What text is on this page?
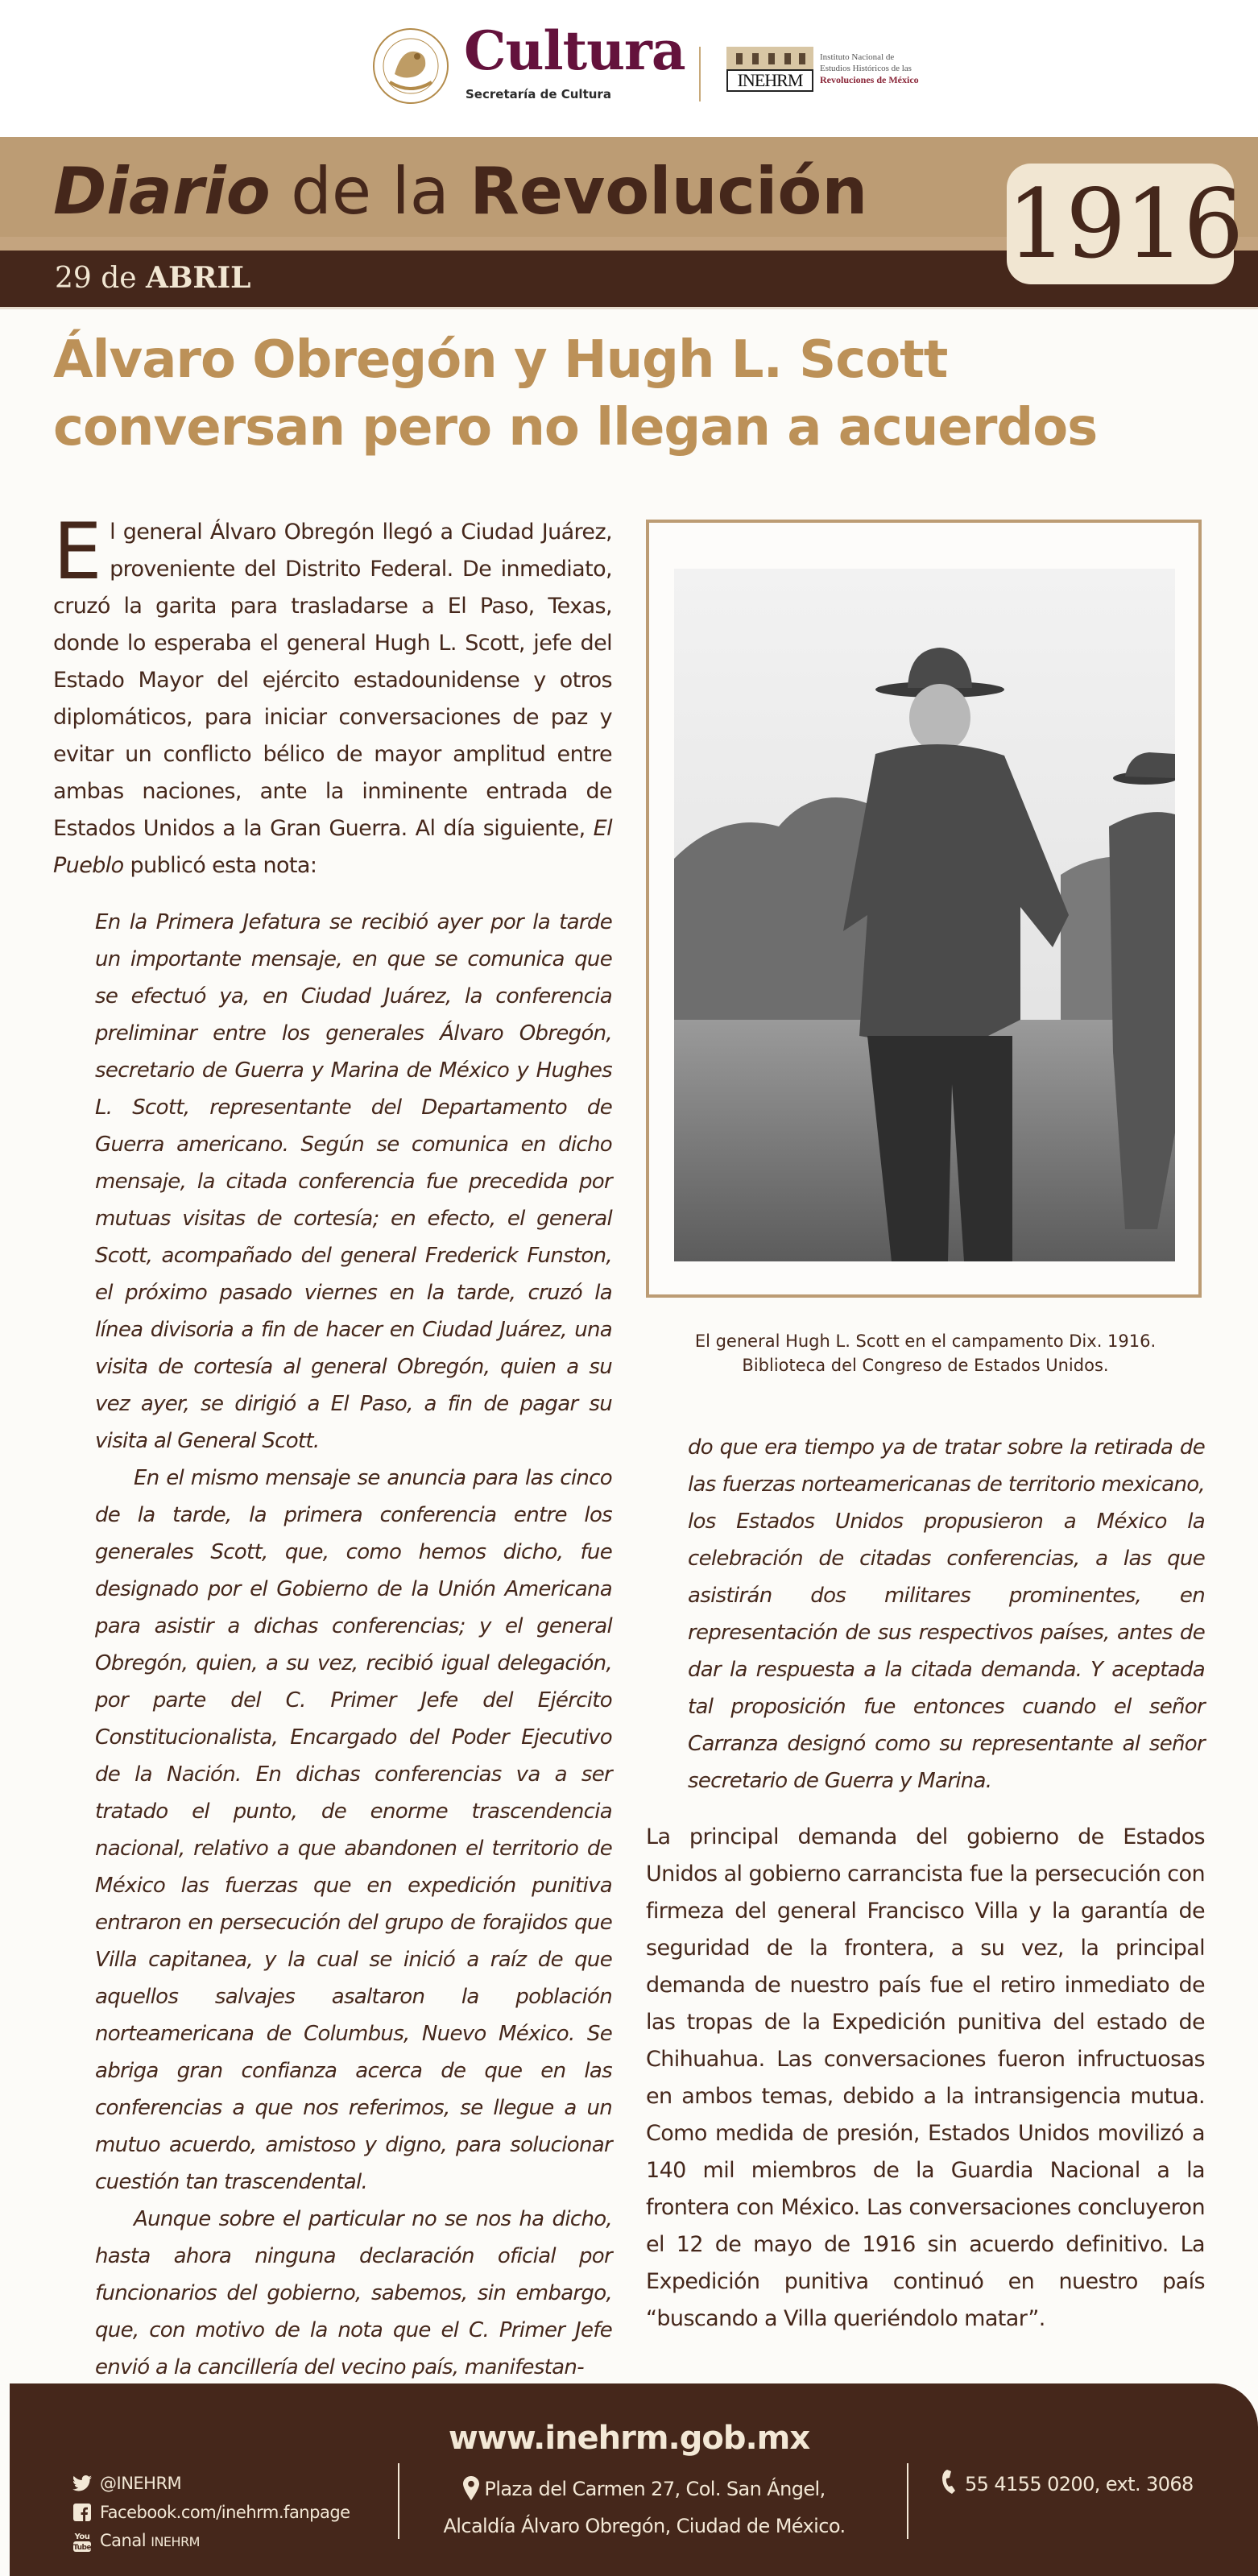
Cultura
Secretaría de Cultura
INEHRM
Instituto Nacional de
Estudios Históricos de las
Revoluciones de México
Diario de la Revolución
29 de ABRIL	1916
Álvaro Obregón y Hugh L. Scott conversan pero no llegan a acuerdos

El general Álvaro Obregón llegó a Ciudad Juárez, proveniente del Distrito Federal. De inmediato, cruzó la garita para trasladarse a El Paso, Texas, donde lo esperaba el general Hugh L. Scott, jefe del Estado Mayor del ejército estadounidense y otros diplomáticos, para iniciar conversaciones de paz y evitar un conflicto bélico de mayor amplitud entre ambas naciones, ante la inminente entrada de Estados Unidos a la Gran Guerra. Al día siguiente, El Pueblo publicó esta nota:

En la Primera Jefatura se recibió ayer por la tarde un importante mensaje, en que se comunica que se efectuó ya, en Ciudad Juárez, la conferencia preliminar entre los generales Álvaro Obregón, secretario de Guerra y Marina de México y Hughes L. Scott, representante del Departamento de Guerra americano. Según se comunica en dicho mensaje, la citada conferencia fue precedida por mutuas visitas de cortesía; en efecto, el general Scott, acompañado del general Frederick Funston, el próximo pasado viernes en la tarde, cruzó la línea divisoria a fin de hacer en Ciudad Juárez, una visita de cortesía al general Obregón, quien a su vez ayer, se dirigió a El Paso, a fin de pagar su visita al General Scott.

En el mismo mensaje se anuncia para las cinco de la tarde, la primera conferencia entre los generales Scott, que, como hemos dicho, fue designado por el Gobierno de la Unión Americana para asistir a dichas conferencias; y el general Obregón, quien, a su vez, recibió igual delegación, por parte del C. Primer Jefe del Ejército Constitucionalista, Encargado del Poder Ejecutivo de la Nación. En dichas conferencias va a ser tratado el punto, de enorme trascendencia nacional, relativo a que abandonen el territorio de México las fuerzas que en expedición punitiva entraron en persecución del grupo de forajidos que Villa capitanea, y la cual se inició a raíz de que aquellos salvajes asaltaron la población norteamericana de Columbus, Nuevo México. Se abriga gran confianza acerca de que en las conferencias a que nos referimos, se llegue a un mutuo acuerdo, amistoso y digno, para solucionar cuestión tan trascendental.

Aunque sobre el particular no se nos ha dicho, hasta ahora ninguna declaración oficial por funcionarios del gobierno, sabemos, sin embargo, que, con motivo de la nota que el C. Primer Jefe envió a la cancillería del vecino país, manifestan-

El general Hugh L. Scott en el campamento Dix. 1916.
Biblioteca del Congreso de Estados Unidos.

do que era tiempo ya de tratar sobre la retirada de las fuerzas norteamericanas de territorio mexicano, los Estados Unidos propusieron a México la celebración de citadas conferencias, a las que asistirán dos militares prominentes, en representación de sus respectivos países, antes de dar la respuesta a la citada demanda. Y aceptada tal proposición fue entonces cuando el señor Carranza designó como su representante al señor secretario de Guerra y Marina.

La principal demanda del gobierno de Estados Unidos al gobierno carrancista fue la persecución con firmeza del general Francisco Villa y la garantía de seguridad de la frontera, a su vez, la principal demanda de nuestro país fue el retiro inmediato de las tropas de la Expedición punitiva del estado de Chihuahua. Las conversaciones fueron infructuosas en ambos temas, debido a la intransigencia mutua. Como medida de presión, Estados Unidos movilizó a 140 mil miembros de la Guardia Nacional a la frontera con México. Las conversaciones concluyeron el 12 de mayo de 1916 sin acuerdo definitivo. La Expedición punitiva continuó en nuestro país “buscando a Villa queriéndolo matar”.

www.inehrm.gob.mx
@INEHRM
Facebook.com/inehrm.fanpage
You
Tube Canal INEHRM
Plaza del Carmen 27, Col. San Ángel,
Alcaldía Álvaro Obregón, Ciudad de México.
55 4155 0200, ext. 3068
